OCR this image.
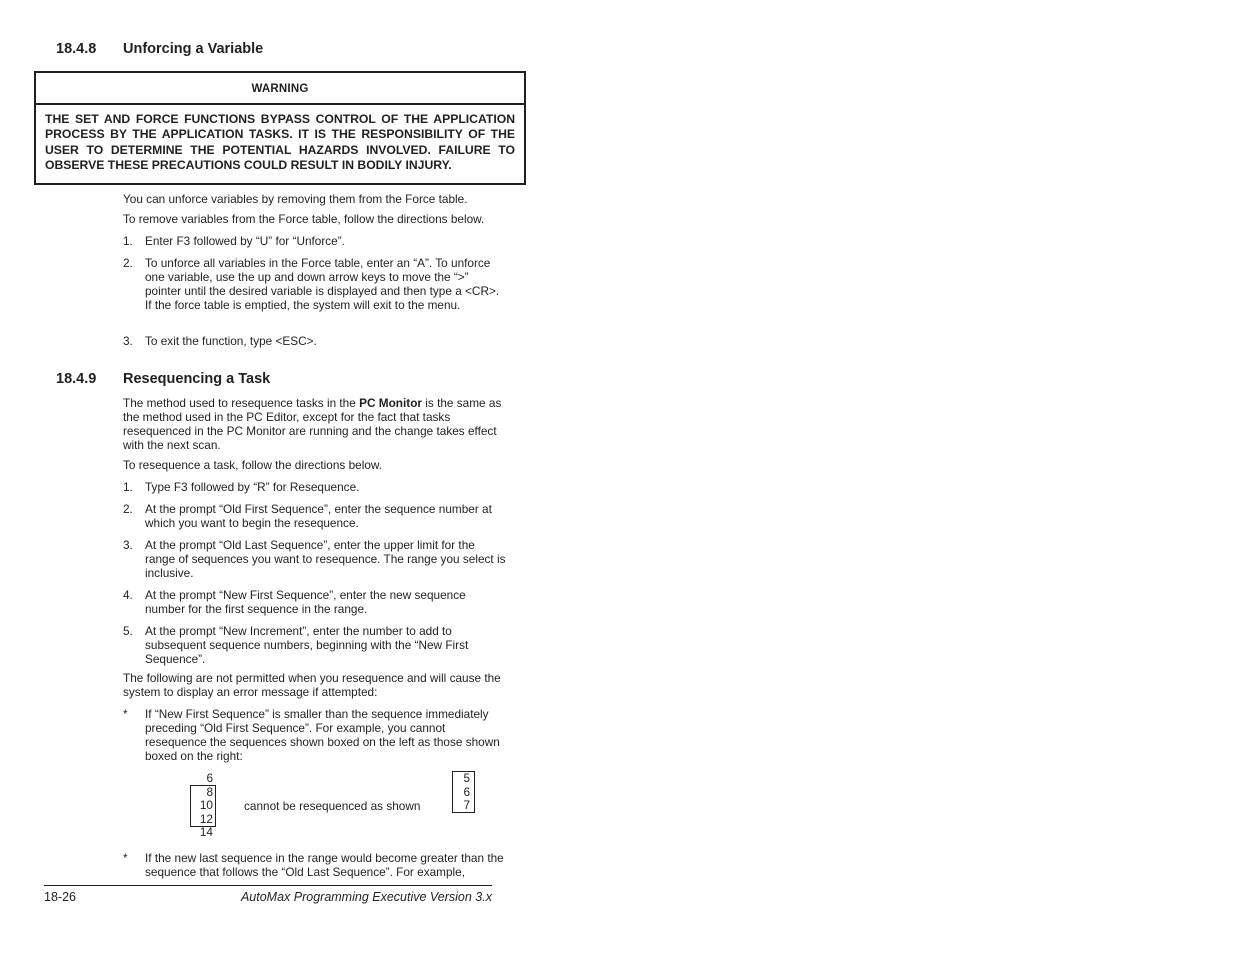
18.4.8 Unforcing a Variable
WARNING
THE SET AND FORCE FUNCTIONS BYPASS CONTROL OF THE APPLICATION PROCESS BY THE APPLICATION TASKS. IT IS THE RESPONSIBILITY OF THE USER TO DETERMINE THE POTENTIAL HAZARDS INVOLVED. FAILURE TO OBSERVE THESE PRECAUTIONS COULD RESULT IN BODILY INJURY.
You can unforce variables by removing them from the Force table.
To remove variables from the Force table, follow the directions below.
1. Enter F3 followed by “U” for “Unforce”.
2. To unforce all variables in the Force table, enter an “A”. To unforce one variable, use the up and down arrow keys to move the “>” pointer until the desired variable is displayed and then type a <CR>. If the force table is emptied, the system will exit to the menu.
3. To exit the function, type <ESC>.
18.4.9 Resequencing a Task
The method used to resequence tasks in the PC Monitor is the same as the method used in the PC Editor, except for the fact that tasks resequenced in the PC Monitor are running and the change takes effect with the next scan.
To resequence a task, follow the directions below.
1. Type F3 followed by “R” for Resequence.
2. At the prompt “Old First Sequence”, enter the sequence number at which you want to begin the resequence.
3. At the prompt “Old Last Sequence”, enter the upper limit for the range of sequences you want to resequence. The range you select is inclusive.
4. At the prompt “New First Sequence”, enter the new sequence number for the first sequence in the range.
5. At the prompt “New Increment”, enter the number to add to subsequent sequence numbers, beginning with the “New First Sequence”.
The following are not permitted when you resequence and will cause the system to display an error message if attempted:
* If “New First Sequence” is smaller than the sequence immediately preceding “Old First Sequence”. For example, you cannot resequence the sequences shown boxed on the left as those shown boxed on the right:
6
8
10
12
14
cannot be resequenced as shown
5
6
7
* If the new last sequence in the range would become greater than the sequence that follows the “Old Last Sequence”. For example,
18-26	AutoMax Programming Executive Version 3.x
